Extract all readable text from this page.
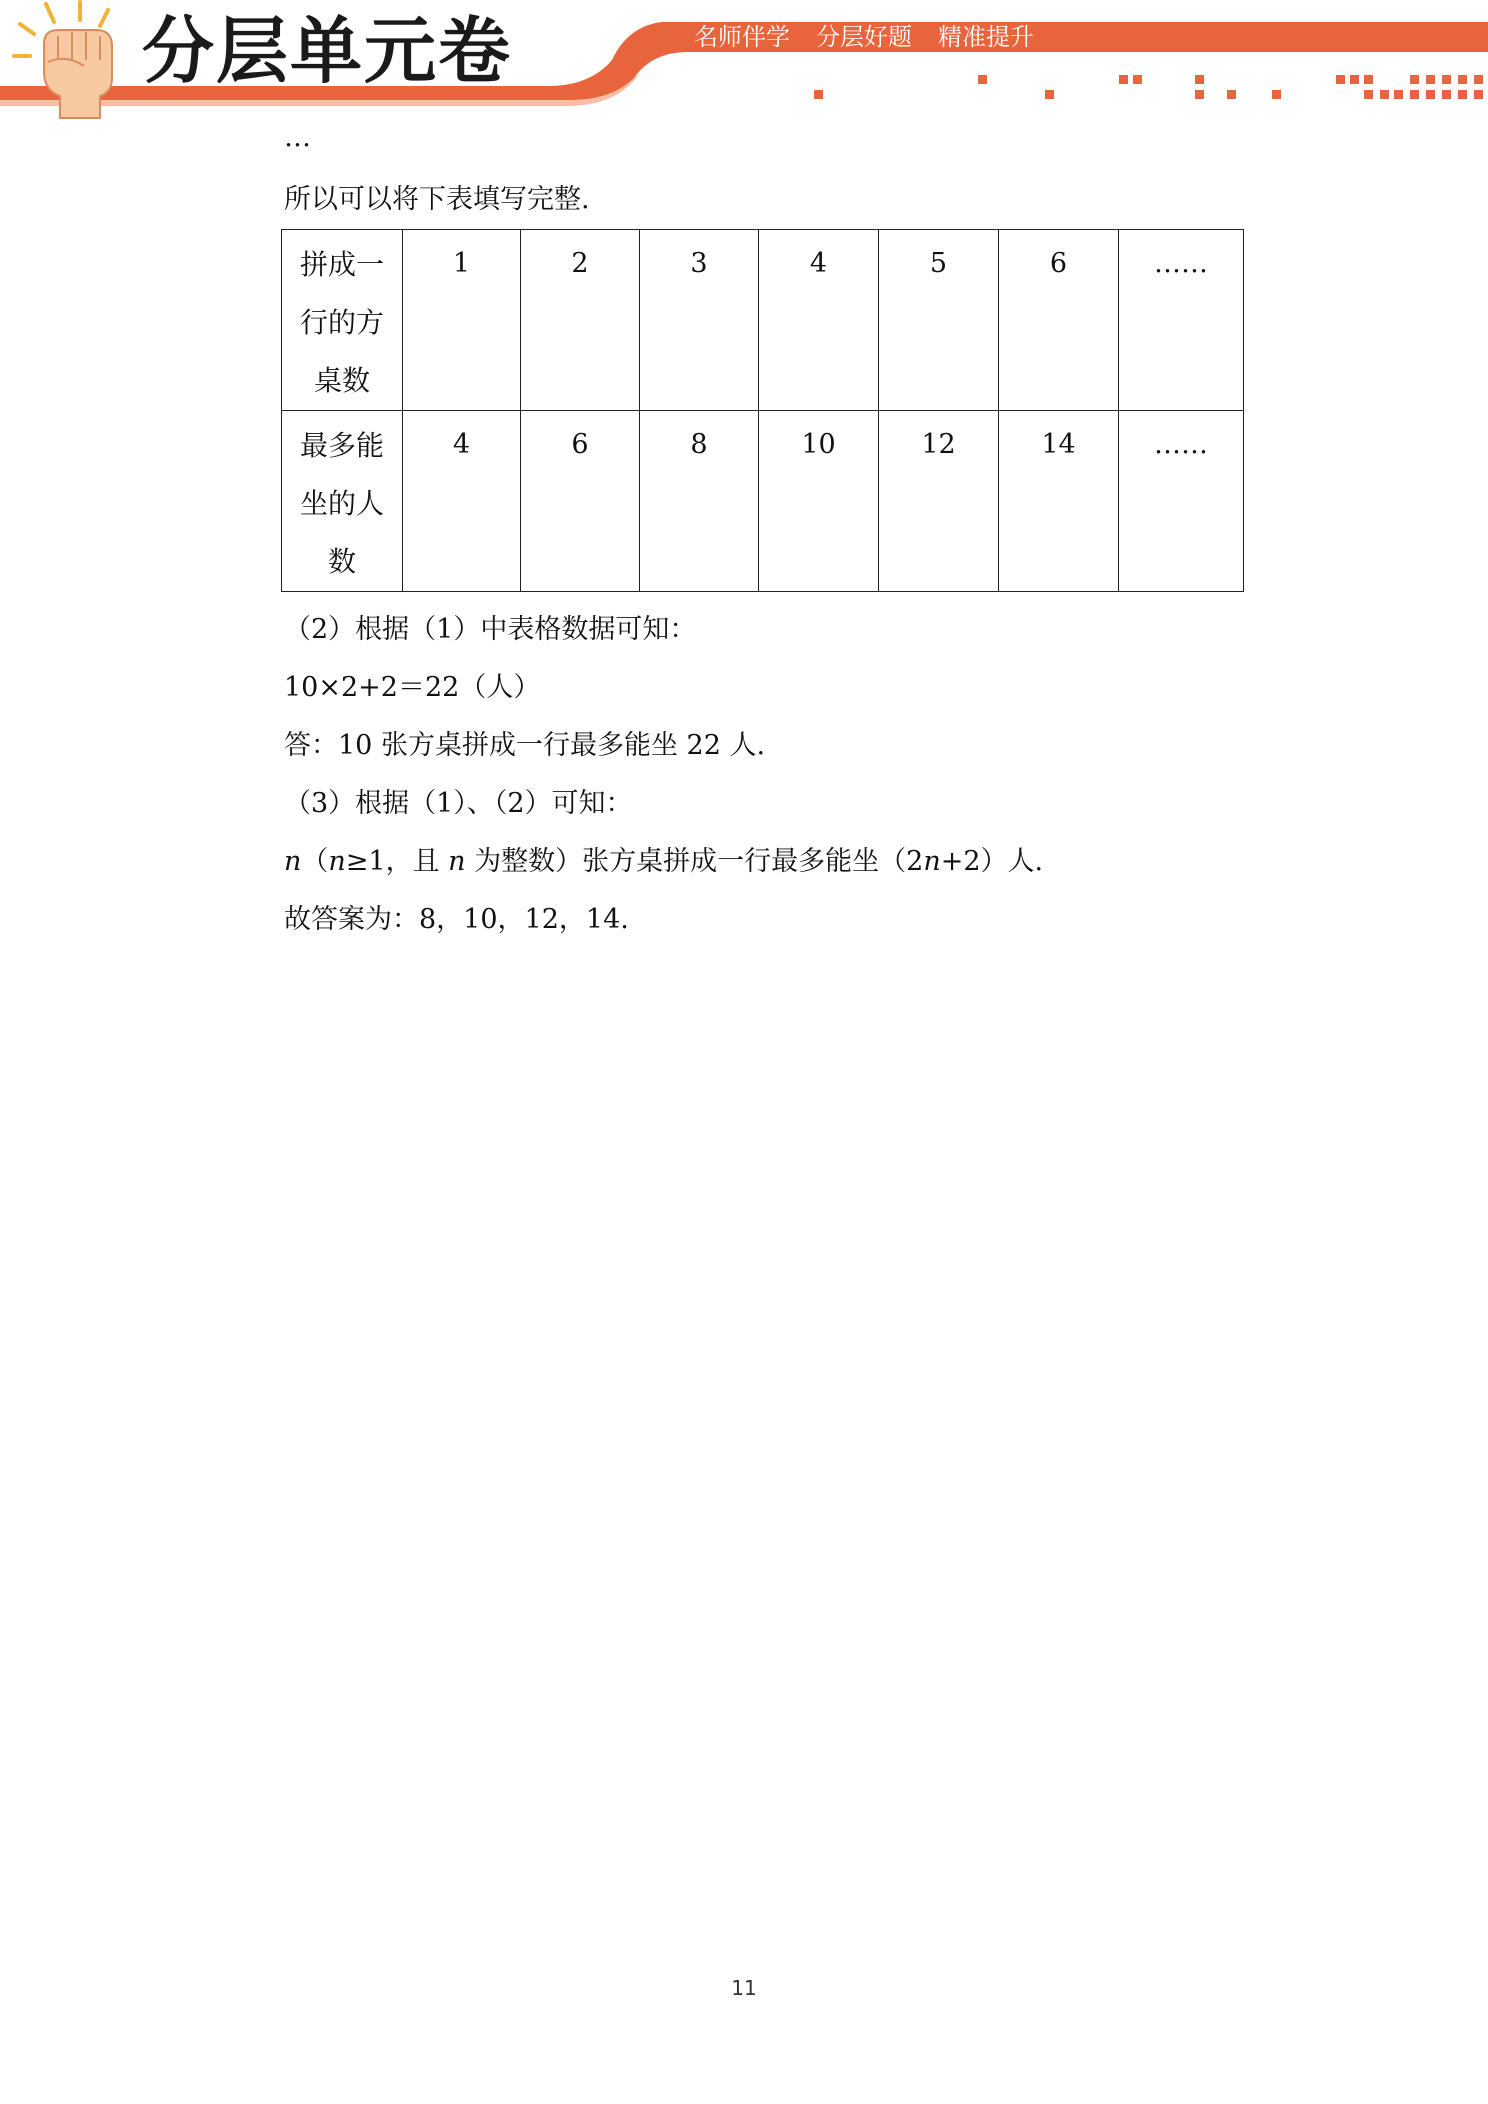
分层单元卷	名师伴学 分层好题 精准提升
…
所以可以将下表填写完整.
拼成一
行的方
桌数	1	2	3	4	5	6	……
最多能
坐的人
数	4	6	8	10	12	14	……
（2）根据（1）中表格数据可知：
10×2+2＝22（人）
答：10 张方桌拼成一行最多能坐 22 人.
（3）根据（1）、（2）可知：
n（n≥1，且 n 为整数）张方桌拼成一行最多能坐（2n+2）人.
故答案为：8，10，12，14.
11
